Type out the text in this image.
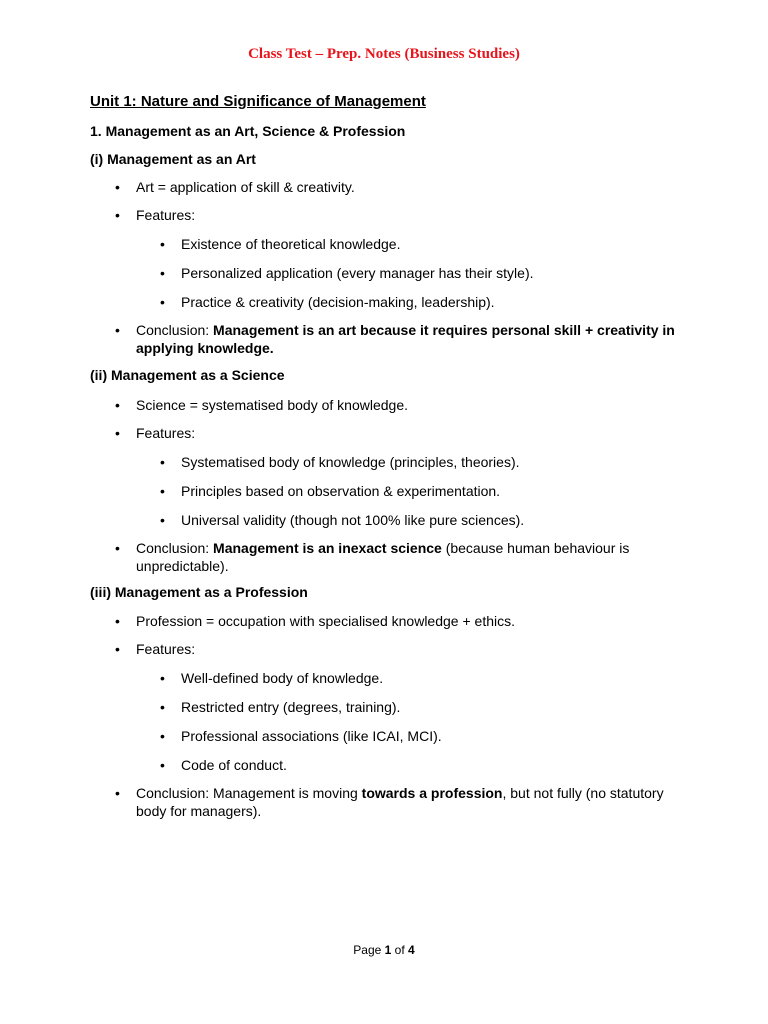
Class Test – Prep. Notes (Business Studies)
Unit 1: Nature and Significance of Management
1. Management as an Art, Science & Profession
(i) Management as an Art
• Art = application of skill & creativity.
• Features:
• Existence of theoretical knowledge.
• Personalized application (every manager has their style).
• Practice & creativity (decision-making, leadership).
• Conclusion: Management is an art because it requires personal skill + creativity in applying knowledge.
(ii) Management as a Science
• Science = systematised body of knowledge.
• Features:
• Systematised body of knowledge (principles, theories).
• Principles based on observation & experimentation.
• Universal validity (though not 100% like pure sciences).
• Conclusion: Management is an inexact science (because human behaviour is unpredictable).
(iii) Management as a Profession
• Profession = occupation with specialised knowledge + ethics.
• Features:
• Well-defined body of knowledge.
• Restricted entry (degrees, training).
• Professional associations (like ICAI, MCI).
• Code of conduct.
• Conclusion: Management is moving towards a profession, but not fully (no statutory body for managers).
Page 1 of 4
